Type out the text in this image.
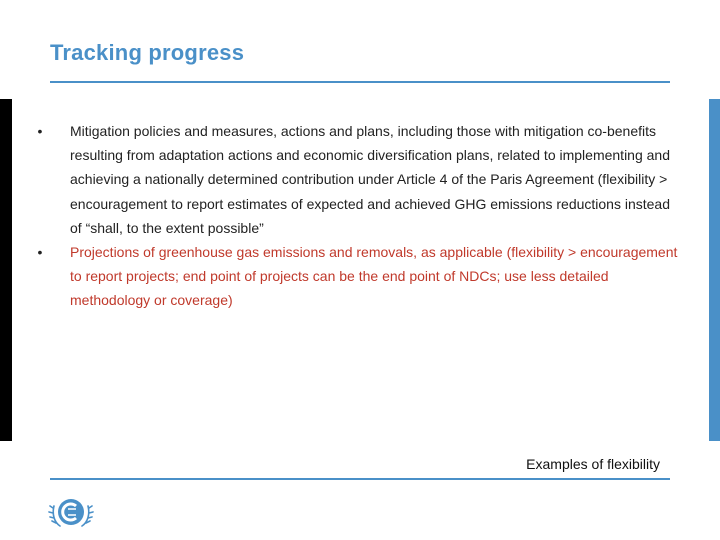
Tracking progress
•	Mitigation policies and measures, actions and plans, including those with mitigation co-benefits resulting from adaptation actions and economic diversification plans, related to implementing and achieving a nationally determined contribution under Article 4 of the Paris Agreement (flexibility > encouragement to report estimates of expected and achieved GHG emissions reductions instead of “shall, to the extent possible”
•	Projections of greenhouse gas emissions and removals, as applicable (flexibility > encouragement to report projects; end point of projects can be the end point of NDCs; use less detailed methodology or coverage)
Examples of flexibility
